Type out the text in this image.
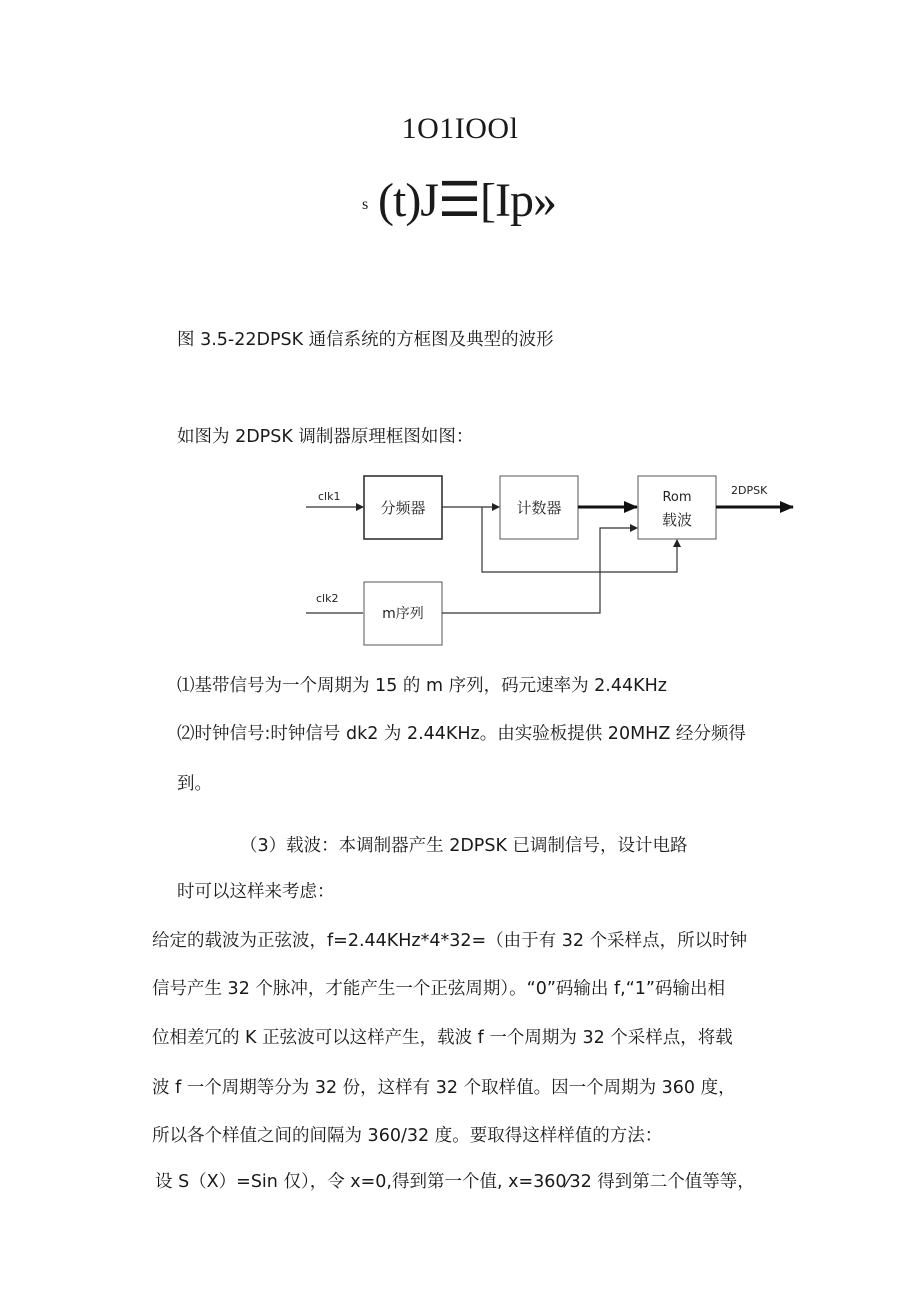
1O1IOOl
s (t)J☰[Ip»
图 3.5-22DPSK 通信系统的方框图及典型的波形
如图为 2DPSK 调制器原理框图如图：
分频器	计数器
Rom
载波
m序列
clk1
clk2
2DPSK
⑴基带信号为一个周期为 15 的 m 序列，码元速率为 2.44KHz
⑵时钟信号:时钟信号 dk2 为 2.44KHz。由实验板提供 20MHZ 经分频得
到。
（3）载波：本调制器产生 2DPSK 已调制信号，设计电路
时可以这样来考虑：
给定的载波为正弦波，f=2.44KHz*4*32=（由于有 32 个采样点，所以时钟
信号产生 32 个脉冲，才能产生一个正弦周期）。“0”码输出 f,“1”码输出相
位相差冗的 K 正弦波可以这样产生，载波 f 一个周期为 32 个采样点，将载
波 f 一个周期等分为 32 份，这样有 32 个取样值。因一个周期为 360 度，
所以各个样值之间的间隔为 360/32 度。要取得这样样值的方法：
设 S（X）=Sin 仅），令 x=0,得到第一个值, x=360⁄32 得到第二个值等等，
